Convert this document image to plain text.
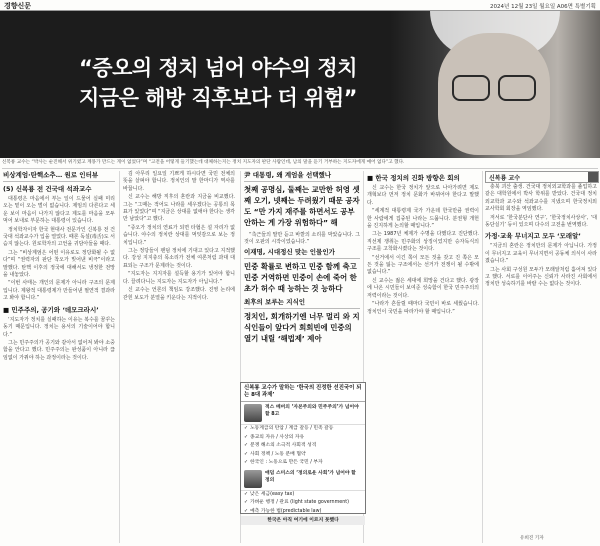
경향신문	2024년 12월 23일 월요일 A06면 특별기획
“증오의 정치 넘어 야수의 정치
지금은 해방 직후보다 더 위험”
신복룡 교수는 “박사는 순진해서 위기였고 계몽가 만드는 게이 없었다”며 “고전을 어떻게 들기했는데 대체하는지는 정치 지도자의 판단 사람인데, 남의 말을 듣기 거부하는 지도자에게 얘어 없다”고 했다.
비상계엄·탄핵소추… 원로 인터뷰
(5) 신복룡 전 건국대 석좌교수

대통령은 마음에서 부는 일이 드물어 실패 미리 오는 밑이 오는 벌이 없습니다. 제임의 다른다고 세운 보이 마음이 나가지 않다고 제도를 마음을 모두 먹어 보내로 부문하는 대통령이 있습니다.

정치학자이자 한국 현대사 전문가인 신복룡 전 건국대 석좌교수가 입을 열었다. 때론 독설(毒舌)도 서슴지 않는다. 원로학자의 고언을 귀담아들을 때다.

그는 “비상계엄은 어떤 이유로도 정당화될 수 없다”며 “권력자의 판단 착오가 빚어낸 비극”이라고 말했다. 탄핵 이후의 정국에 대해서도 냉정한 전망을 내놓았다.

“이번 사태는 개인의 문제가 아니라 구조의 문제입니다. 제왕적 대통령제가 만들어낸 필연적 결과라고 봐야 합니다.”

■ 민주주의, 공기와 ‘데모크라시’

‘지도자가 정치를 실패하는 이유는 복수를 꿈꾸는 동기 때문입니다. 정치는 용서의 기술이어야 합니다.”

그는 민주주의가 공기와 같아서 없어져 봐야 소중함을 안다고 했다. 민주주의는 완성품이 아니라 끊임없이 가꿔야 하는 과정이라는 것이다.

김 아무리 일요일 기쁘게 하시다면 국민 전체의 뜻을 살펴야 합니다. 정치인의 말 한마디가 역사를 바꿉니다.

신 교수는 해방 직후의 혼란과 지금을 비교했다. 그는 “그때는 적어도 나라를 세우겠다는 공통의 목표가 있었다”며 “지금은 상대를 없애야 한다는 생각만 남았다”고 했다.

“증오가 정치의 연료가 되면 타협은 설 자리가 없습니다. 야수의 정치란 상대를 먹잇감으로 보는 정치입니다.”

그는 정당들이 팬덤 정치에 기대고 있다고 지적했다. 강성 지지층의 목소리가 전체 여론처럼 과대 대표되는 구조가 문제라는 것이다.

“지도자는 지지자를 설득할 용기가 있어야 합니다. 끌려다니는 지도자는 지도자가 아닙니다.”

신 교수는 언론의 책임도 강조했다. 진영 논리에 갇힌 보도가 분열을 키운다는 지적이다.

尹 대통령, 왜 계엄을 선택했나
첫째 공명심, 둘째는 교만한 허영 셋째 오기, 넷째는 두려웠기 때문 공자도 “만 가지 재주를 하면서도 공부 안하는 게 가장 위험하다” 해

“측근들의 말만 듣고 바깥의 소리를 막았습니다. 그것이 오판의 시작이었습니다.”

이재명, 시대정신 맞는 인물인가
민중 확률로 변하고 민중 함께 축고 민중 거역하면 민중이 손에 죽어 한초가 허수 때 능하는 것 능하다
최후의 보루는 지식인
정치인, 회개하기엔 너무 멀리 와 지식인들이 앞다거 회회빈에 민중의 열기 내릴 ‘해법제’ 제아
신복룡 교수가 말하는 ‘한국의 진정한 선진국이 되는 8대 과제’
적스 베버의 ‘자본주의와 민주주의’가 넘어야 할 8고
✓ 노동계급의 탄압 / 계급 갈등 / 민족 갈등
✓ 종교의 자유 / 사상의 자유
✓ 분쟁 해소의 소극적 사회적 성격
✓ 사회 정책 / 노동 분배 협약
✓ 한국인 : 노동으로 만든 국민 / 부자
애덤 스미스의 ‘정의로운 사회’가 넘어야 할 정의
✓ 낮은 세금(easy tax)
✓ 가벼운 행정 / 관료 (light state government)
✓ 예측 가능한 법(predictable law)
한국은 아직 여기에 이르지 못했다
■ 한국 정치의 진화 방향은 회의

신 교수는 한국 정치가 앞으로 나아가려면 제도 개혁보다 먼저 정치 문화가 바뀌어야 한다고 말했다.

“세계적 대통령제 국가 가운데 한국만큼 권력이 한 사람에게 집중된 나라는 드뭅니다. 분권형 개헌을 진지하게 논의할 때입니다.”

그는 1987년 체제가 수명을 다했다고 진단했다. 직선제 쟁취는 민주화의 상징이었지만 승자독식의 구조를 고착화시켰다는 것이다.

“선거에서 이긴 쪽이 모든 것을 갖고 진 쪽은 모든 것을 잃는 구조에서는 선거가 전쟁이 될 수밖에 없습니다.”

신 교수는 젊은 세대에 희망을 건다고 했다. 광장에 나온 시민들이 보여준 성숙함이 한국 민주주의의 저력이라는 것이다.

“나라가 흔들릴 때마다 국민이 바로 세웠습니다. 정치인이 국민을 따라가야 할 때입니다.”

신복룡 교수

충북 괴산 출생. 건국대 정치외교학과를 졸업하고 같은 대학원에서 박사 학위를 받았다. 건국대 정치외교학과 교수와 석좌교수를 지냈으며 한국정치외교사학회 회장을 역임했다.

저서로 ‘한국분단사 연구’, ‘한국정치사상사’, ‘대동단실기’ 등이 있으며 다수의 고전을 번역했다.

가정·교육 무너지고 모두 ‘모래알’

“지금의 혼란은 정치만의 문제가 아닙니다. 가정이 무너지고 교육이 무너지면서 공동체 의식이 사라졌습니다.”

그는 사회 구성원 모두가 모래알처럼 흩어져 있다고 했다. 서로를 이어주는 신뢰가 사라진 사회에서 정치만 성숙하기를 바랄 수는 없다는 것이다.

유희진 기자
